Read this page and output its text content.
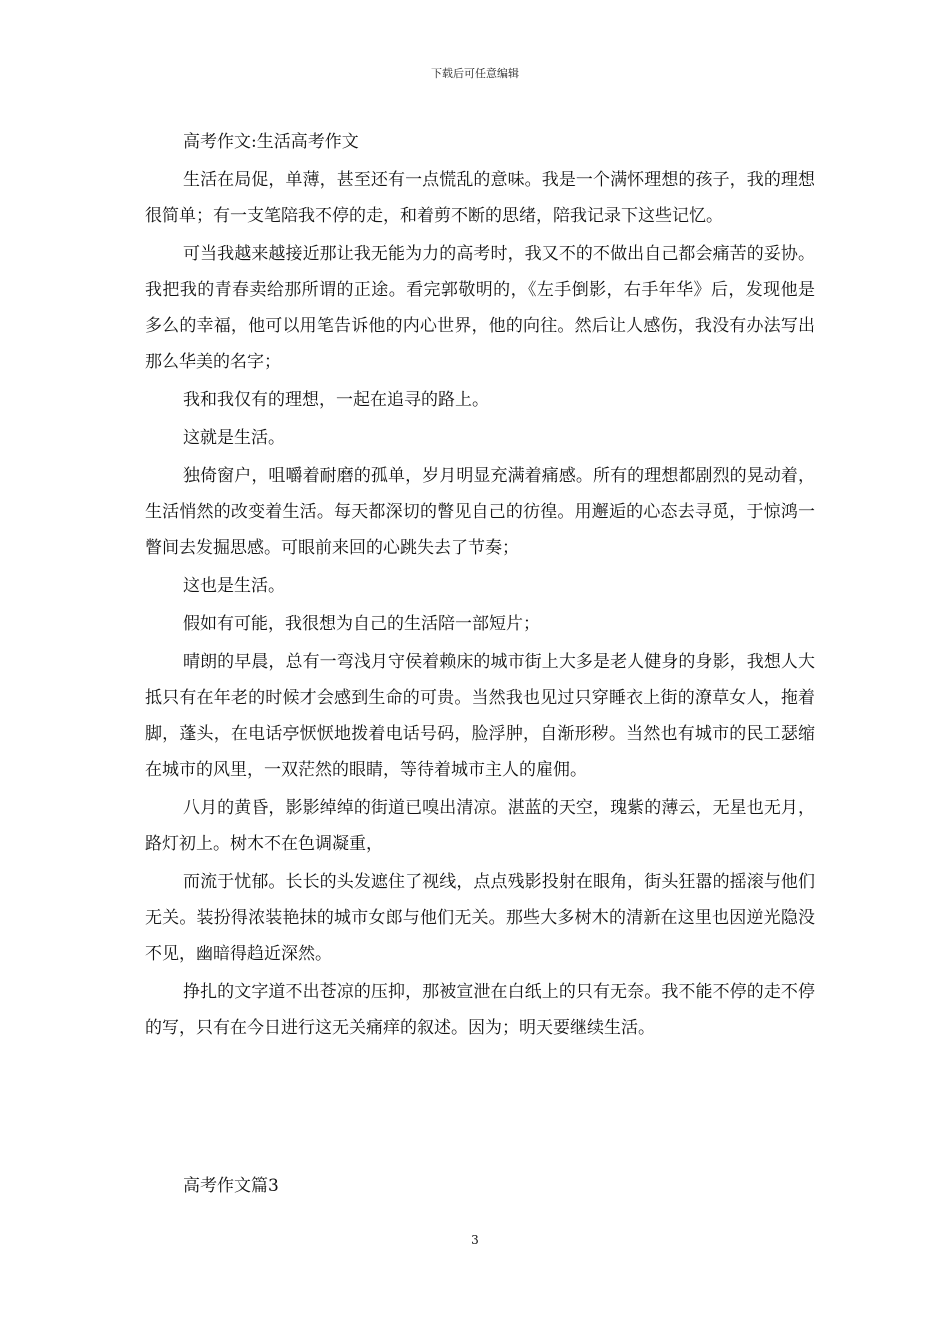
下载后可任意编辑

高考作文:生活高考作文

生活在局促，单薄，甚至还有一点慌乱的意味。我是一个满怀理想的孩子，我的理想很简单；有一支笔陪我不停的走，和着剪不断的思绪，陪我记录下这些记忆。

可当我越来越接近那让我无能为力的高考时，我又不的不做出自己都会痛苦的妥协。我把我的青春卖给那所谓的正途。看完郭敬明的，《左手倒影，右手年华》后，发现他是多么的幸福，他可以用笔告诉他的内心世界，他的向往。然后让人感伤，我没有办法写出那么华美的名字；

我和我仅有的理想，一起在追寻的路上。

这就是生活。

独倚窗户，咀嚼着耐磨的孤单，岁月明显充满着痛感。所有的理想都剧烈的晃动着，生活悄然的改变着生活。每天都深切的瞥见自己的彷徨。用邂逅的心态去寻觅，于惊鸿一瞥间去发掘思感。可眼前来回的心跳失去了节奏；

这也是生活。

假如有可能，我很想为自己的生活陪一部短片；

晴朗的早晨，总有一弯浅月守侯着赖床的城市街上大多是老人健身的身影，我想人大抵只有在年老的时候才会感到生命的可贵。当然我也见过只穿睡衣上街的潦草女人，拖着脚，蓬头，在电话亭恹恹地拨着电话号码，脸浮肿，自渐形秽。当然也有城市的民工瑟缩在城市的风里，一双茫然的眼睛，等待着城市主人的雇佣。

八月的黄昏，影影绰绰的街道已嗅出清凉。湛蓝的天空，瑰紫的薄云，无星也无月，路灯初上。树木不在色调凝重，

而流于忧郁。长长的头发遮住了视线，点点残影投射在眼角，街头狂嚣的摇滚与他们无关。装扮得浓装艳抹的城市女郎与他们无关。那些大多树木的清新在这里也因逆光隐没不见，幽暗得趋近深然。

挣扎的文字道不出苍凉的压抑，那被宣泄在白纸上的只有无奈。我不能不停的走不停的写，只有在今日进行这无关痛痒的叙述。因为；明天要继续生活。

高考作文篇3

3
